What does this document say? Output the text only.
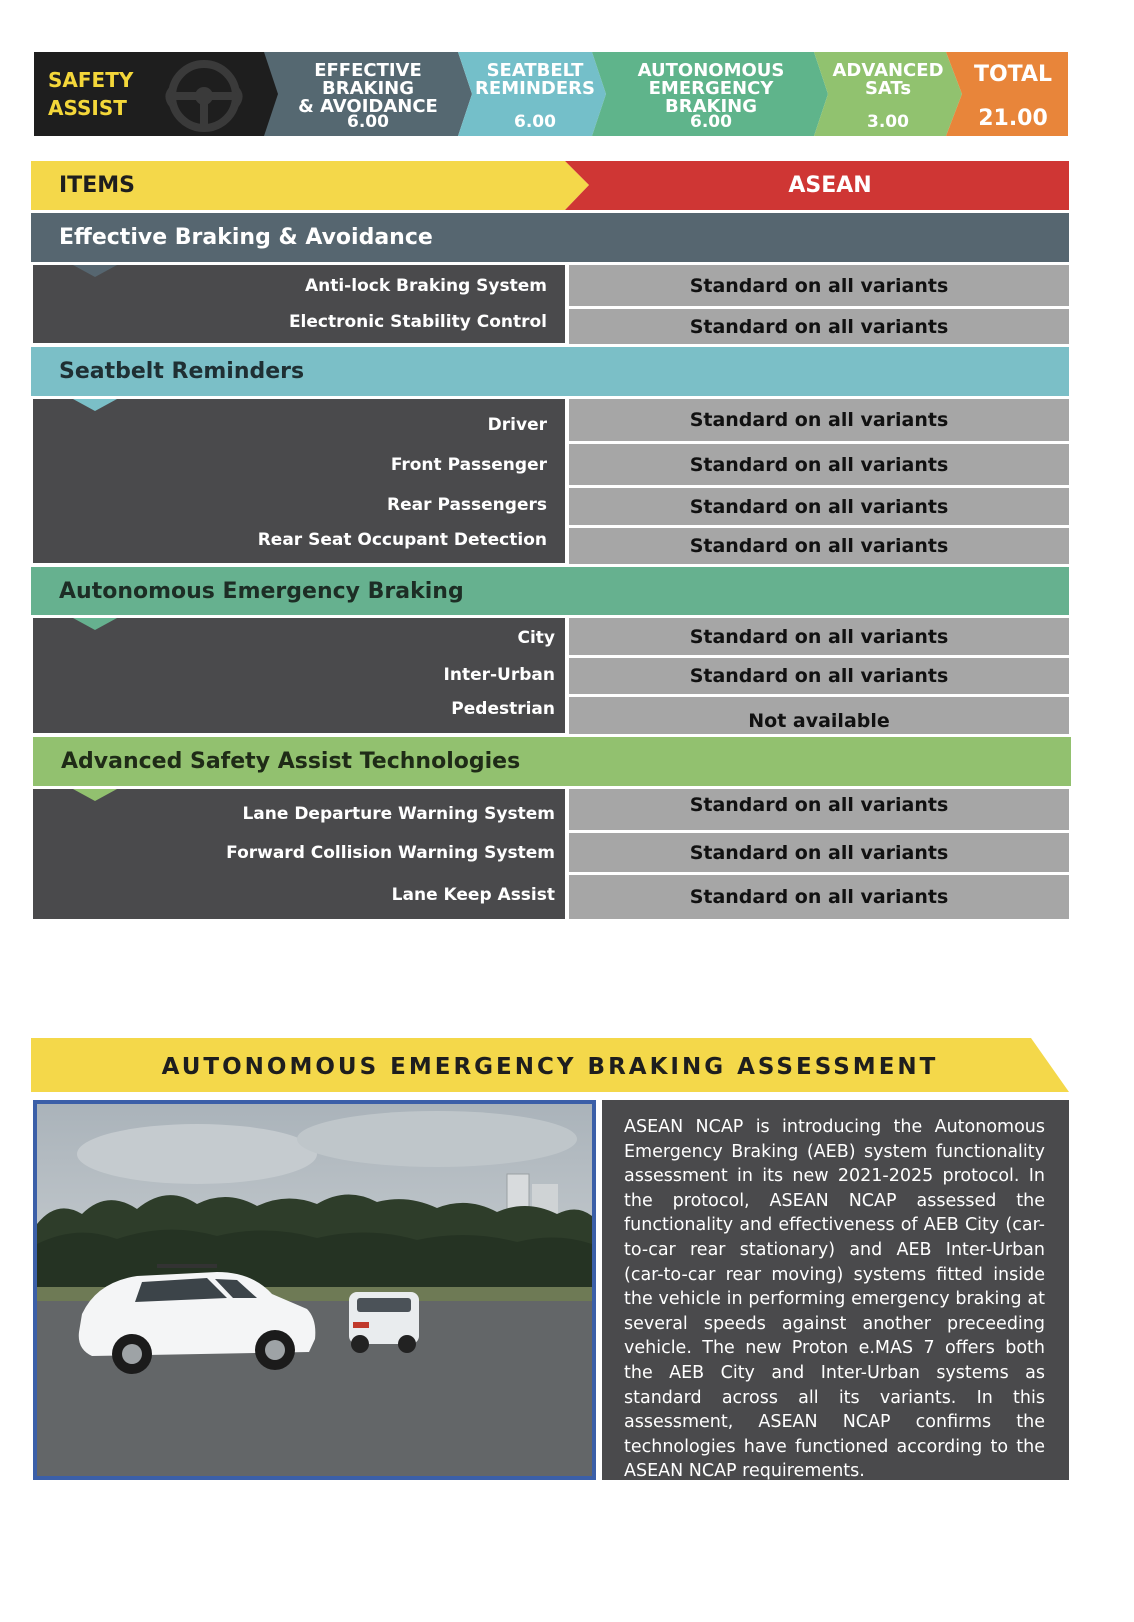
SAFETY
ASSIST
EFFECTIVE BRAKING
& AVOIDANCE
6.00
SEATBELT
REMINDERS
6.00
AUTONOMOUS
EMERGENCY BRAKING
6.00
ADVANCED
SATs
3.00
TOTAL
21.00
ITEMS	ASEAN
Effective Braking & Avoidance
Anti-lock Braking System
Electronic Stability Control
Standard on all variants
Standard on all variants
Seatbelt Reminders
Driver
Front Passenger
Rear Passengers
Rear Seat Occupant Detection
Standard on all variants
Standard on all variants
Standard on all variants
Standard on all variants
Autonomous Emergency Braking
City
Inter-Urban
Pedestrian
Standard on all variants
Standard on all variants
Not available
Advanced Safety Assist Technologies
Lane Departure Warning System
Forward Collision Warning System
Lane Keep Assist
Standard on all variants
Standard on all variants
Standard on all variants
AUTONOMOUS EMERGENCY BRAKING ASSESSMENT
ASEAN NCAP is introducing the Autonomous Emergency Braking (AEB) system functionality assessment in its new 2021-2025 protocol. In the protocol, ASEAN NCAP assessed the functionality and effectiveness of AEB City (car-to-car rear stationary) and AEB Inter-Urban (car-to-car rear moving) systems fitted inside the vehicle in performing emergency braking at several speeds against another preceeding vehicle. The new Proton e.MAS 7 offers both the AEB City and Inter-Urban systems as standard across all its variants. In this assessment, ASEAN NCAP confirms the technologies have functioned according to the ASEAN NCAP requirements.
